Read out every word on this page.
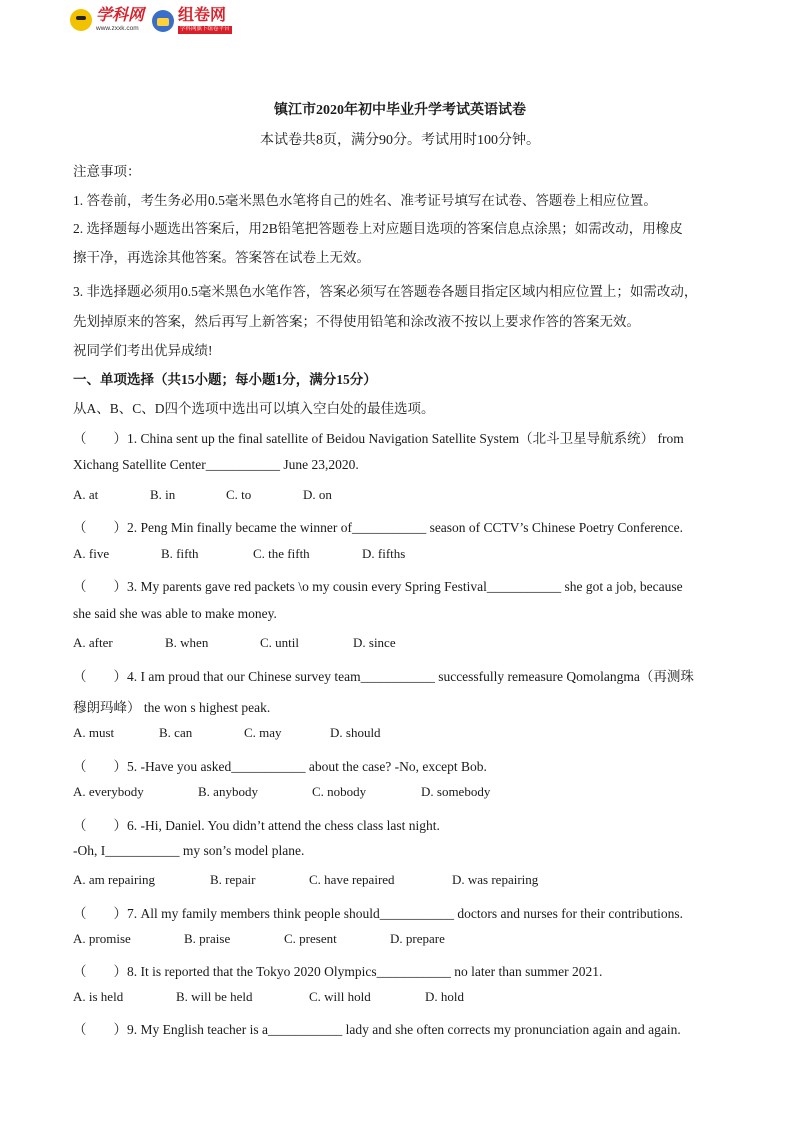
学科网
www.zxxk.com
组卷网
学科网旗下组卷平台
镇江市2020年初中毕业升学考试英语试卷
本试卷共8页，满分90分。考试用时100分钟。
注意事项：
1. 答卷前，考生务必用0.5毫米黑色水笔将自己的姓名、准考证号填写在试卷、答题卷上相应位置。
2. 选择题每小题选出答案后，用2B铅笔把答题卷上对应题目选项的答案信息点涂黑；如需改动，用橡皮
擦干净，再选涂其他答案。答案答在试卷上无效。
3. 非选择题必须用0.5毫米黑色水笔作答，答案必须写在答题卷各题目指定区域内相应位置上；如需改动，
先划掉原来的答案，然后再写上新答案；不得使用铅笔和涂改液不按以上要求作答的答案无效。
祝同学们考出优异成绩!
一、单项选择（共15小题；每小题1分，满分15分）
从A、B、C、D四个选项中选出可以填入空白处的最佳选项。
（　　）1. China sent up the final satellite of Beidou Navigation Satellite System（北斗卫星导航系统） from
Xichang Satellite Center___________ June 23,2020.
A. at	B. in	C. to	D. on
（　　）2. Peng Min finally became the winner of___________ season of CCTV’s Chinese Poetry Conference.
A. five	B. fifth	C. the fifth	D. fifths
（　　）3. My parents gave red packets \o my cousin every Spring Festival___________ she got a job, because
she said she was able to make money.
A. after	B. when	C. until	D. since
（　　）4. I am proud that our Chinese survey team___________ successfully remeasure Qomolangma（再测珠
穆朗玛峰） the won s highest peak.
A. must	B. can	C. may	D. should
（　　）5. -Have you asked___________ about the case? -No, except Bob.
A. everybody	B. anybody	C. nobody	D. somebody
（　　）6. -Hi, Daniel. You didn’t attend the chess class last night.
-Oh, I___________ my son’s model plane.
A. am repairing	B. repair	C. have repaired	D. was repairing
（　　）7. All my family members think people should___________ doctors and nurses for their contributions.
A. promise	B. praise	C. present	D. prepare
（　　）8. It is reported that the Tokyo 2020 Olympics___________ no later than summer 2021.
A. is held	B. will be held	C. will hold	D. hold
（　　）9. My English teacher is a___________ lady and she often corrects my pronunciation again and again.
